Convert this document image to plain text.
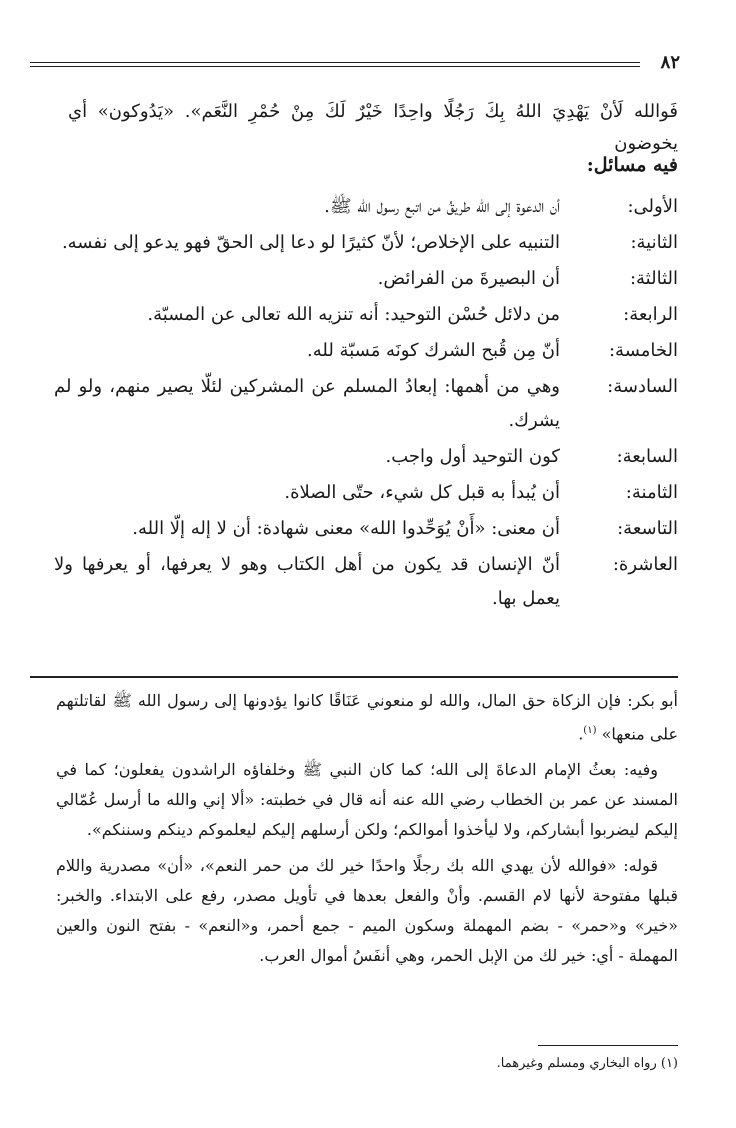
٨٢
فَوالله لَأنْ يَهْدِيَ اللهُ بِكَ رَجُلًا واحِدًا خَيْرٌ لَكَ مِنْ حُمْرِ النَّعَم». «يَدُوكون» أي يخوضون
فيه مسائل:
الأولى:
أن الدعوة إلى الله طريقُ من اتبع رسول الله ﷺ.
الثانية:
التنبيه على الإخلاص؛ لأنّ كثيرًا لو دعا إلى الحقّ فهو يدعو إلى نفسه.
الثالثة:
أن البصيرةَ من الفرائض.
الرابعة:
من دلائل حُسْن التوحيد: أنه تنزيه الله تعالى عن المسبّة.
الخامسة:
أنّ مِن قُبح الشرك كونَه مَسبّة لله.
السادسة:
وهي من أهمها: إبعادُ المسلم عن المشركين لئلّا يصير منهم، ولو لم يشرك.
السابعة:
كون التوحيد أول واجب.
الثامنة:
أن يُبدأ به قبل كل شيء، حتّى الصلاة.
التاسعة:
أن معنى: «أَنْ يُوَحِّدوا الله» معنى شهادة: أن لا إله إلّا الله.
العاشرة:
أنّ الإنسان قد يكون من أهل الكتاب وهو لا يعرفها، أو يعرفها ولا يعمل بها.

أبو بكر: فإن الزكاة حق المال، والله لو منعوني عَنَاقًا كانوا يؤدونها إلى رسول الله ﷺ لقاتلتهم على منعها» $^{(١)}$.

وفيه: بعثُ الإمام الدعاةَ إلى الله؛ كما كان النبي ﷺ وخلفاؤه الراشدون يفعلون؛ كما في المسند عن عمر بن الخطاب رضي الله عنه أنه قال في خطبته: «ألا إني والله ما أرسل عُمّالي إليكم ليضربوا أبشاركم، ولا ليأخذوا أموالكم؛ ولكن أرسلهم إليكم ليعلموكم دينكم وسننكم».

قوله: «فوالله لأن يهدي الله بك رجلًا واحدًا خير لك من حمر النعم»، «أن» مصدرية واللام قبلها مفتوحة لأنها لام القسم. وأنْ والفعل بعدها في تأويل مصدر، رفع على الابتداء. والخبر: «خير» و«حمر» - بضم المهملة وسكون الميم - جمع أحمر، و«النعم» - بفتح النون والعين المهملة - أي: خير لك من الإبل الحمر، وهي أنفَسُ أموال العرب.

(١) رواه البخاري ومسلم وغيرهما.
